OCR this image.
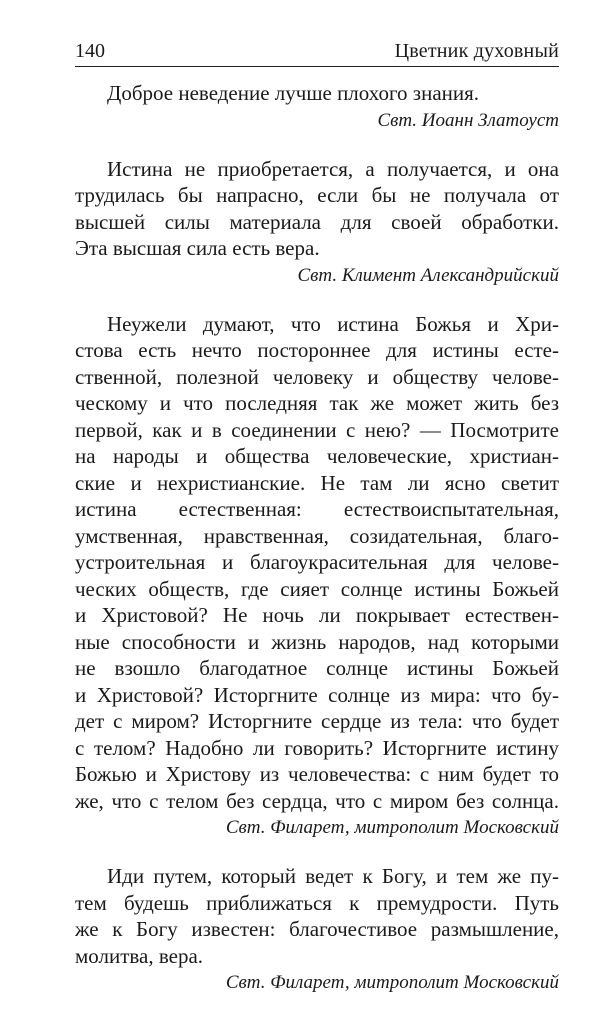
140	Цветник духовный
Доброе неведение лучше плохого знания.
Свт. Иоанн Златоуст
Истина не приобретается, а получается, и она
трудилась бы напрасно, если бы не получала от
высшей силы материала для своей обработки.
Эта высшая сила есть вера.
Свт. Климент Александрийский
Неужели думают, что истина Божья и Хри-
стова есть нечто постороннее для истины есте-
ственной, полезной человеку и обществу челове-
ческому и что последняя так же может жить без
первой, как и в соединении с нею? — Посмотрите
на народы и общества человеческие, христиан-
ские и нехристианские. Не там ли ясно светит
истина естественная: естествоиспытательная,
умственная, нравственная, созидательная, благо-
устроительная и благоукрасительная для челове-
ческих обществ, где сияет солнце истины Божьей
и Христовой? Не ночь ли покрывает естествен-
ные способности и жизнь народов, над которыми
не взошло благодатное солнце истины Божьей
и Христовой? Исторгните солнце из мира: что бу-
дет с миром? Исторгните сердце из тела: что будет
с телом? Надобно ли говорить? Исторгните истину
Божью и Христову из человечества: с ним будет то
же, что с телом без сердца, что с миром без солнца.
Свт. Филарет, митрополит Московский
Иди путем, который ведет к Богу, и тем же пу-
тем будешь приближаться к премудрости. Путь
же к Богу известен: благочестивое размышление,
молитва, вера.
Свт. Филарет, митрополит Московский
